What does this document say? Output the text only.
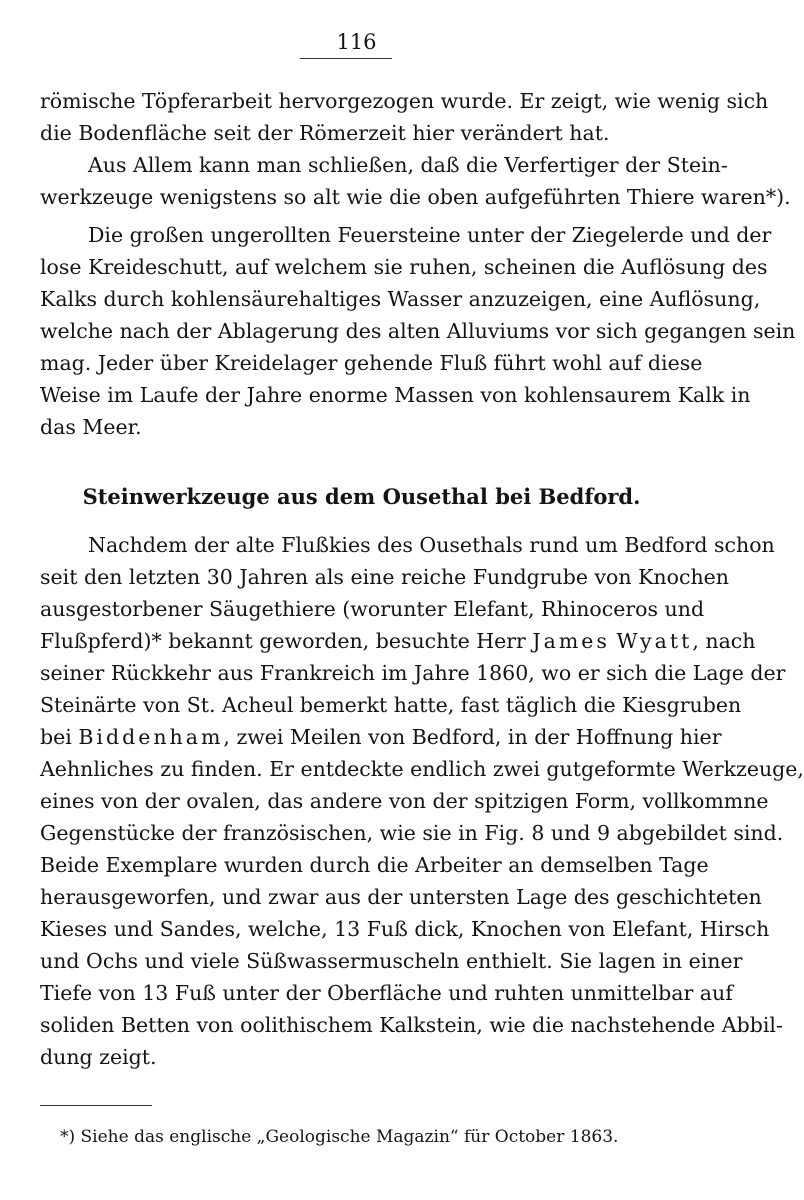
116
römische Töpferarbeit hervorgezogen wurde. Er zeigt, wie wenig sich
die Bodenfläche seit der Römerzeit hier verändert hat.
Aus Allem kann man schließen, daß die Verfertiger der Stein-
werkzeuge wenigstens so alt wie die oben aufgeführten Thiere waren*).
Die großen ungerollten Feuersteine unter der Ziegelerde und der
lose Kreideschutt, auf welchem sie ruhen, scheinen die Auflösung des
Kalks durch kohlensäurehaltiges Wasser anzuzeigen, eine Auflösung,
welche nach der Ablagerung des alten Alluviums vor sich gegangen sein
mag. Jeder über Kreidelager gehende Fluß führt wohl auf diese
Weise im Laufe der Jahre enorme Massen von kohlensaurem Kalk in
das Meer.
Steinwerkzeuge aus dem Ousethal bei Bedford.
Nachdem der alte Flußkies des Ousethals rund um Bedford schon
seit den letzten 30 Jahren als eine reiche Fundgrube von Knochen
ausgestorbener Säugethiere (worunter Elefant, Rhinoceros und
Flußpferd)* bekannt geworden, besuchte Herr James Wyatt, nach
seiner Rückkehr aus Frankreich im Jahre 1860, wo er sich die Lage der
Steinärte von St. Acheul bemerkt hatte, fast täglich die Kiesgruben
bei Biddenham, zwei Meilen von Bedford, in der Hoffnung hier
Aehnliches zu finden. Er entdeckte endlich zwei gutgeformte Werkzeuge,
eines von der ovalen, das andere von der spitzigen Form, vollkommne
Gegenstücke der französischen, wie sie in Fig. 8 und 9 abgebildet sind.
Beide Exemplare wurden durch die Arbeiter an demselben Tage
herausgeworfen, und zwar aus der untersten Lage des geschichteten
Kieses und Sandes, welche, 13 Fuß dick, Knochen von Elefant, Hirsch
und Ochs und viele Süßwassermuscheln enthielt. Sie lagen in einer
Tiefe von 13 Fuß unter der Oberfläche und ruhten unmittelbar auf
soliden Betten von oolithischem Kalkstein, wie die nachstehende Abbil-
dung zeigt.
*) Siehe das englische „Geologische Magazin“ für October 1863.
